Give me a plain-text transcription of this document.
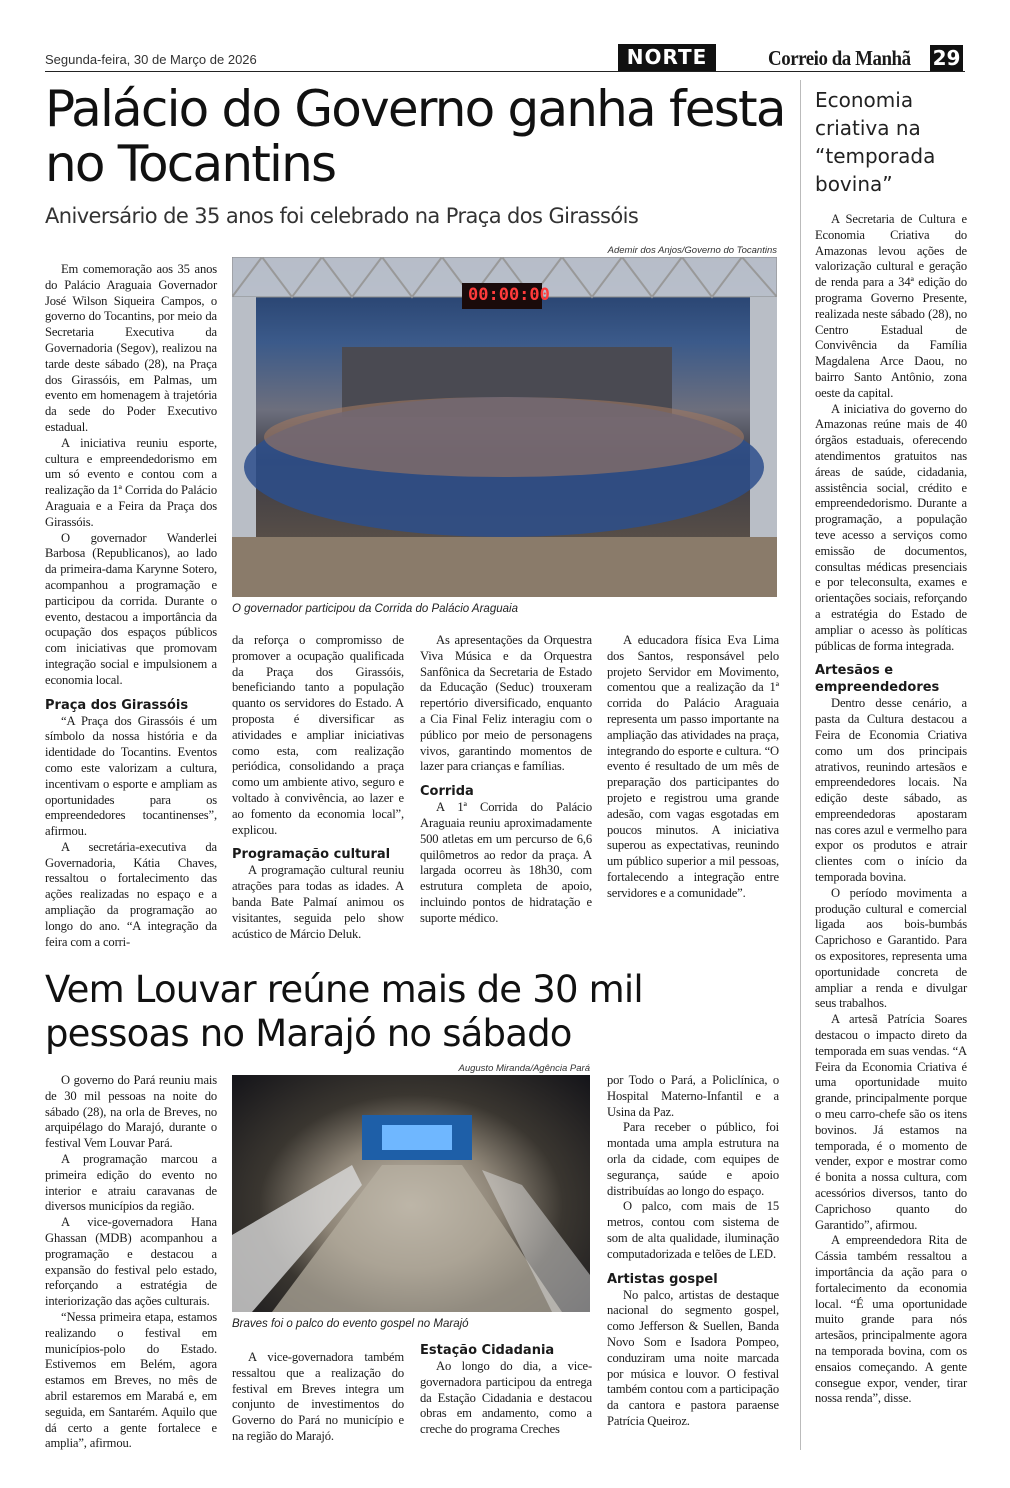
Segunda-feira, 30 de Março de 2026	NORTE	Correio da Manhã 29
Palácio do Governo ganha festa no Tocantins
Aniversário de 35 anos foi celebrado na Praça dos Girassóis
Ademir dos Anjos/Governo do Tocantins
00:00:00
O governador participou da Corrida do Palácio Araguaia

Em comemoração aos 35 anos do Palácio Araguaia Governador José Wilson Siqueira Campos, o governo do Tocantins, por meio da Secretaria Executiva da Governadoria (Segov), realizou na tarde deste sábado (28), na Praça dos Girassóis, em Palmas, um evento em homenagem à trajetória da sede do Poder Executivo estadual.

A iniciativa reuniu esporte, cultura e empreendedorismo em um só evento e contou com a realização da 1ª Corrida do Palácio Araguaia e a Feira da Praça dos Girassóis.

O governador Wanderlei Barbosa (Republicanos), ao lado da primeira-dama Karynne Sotero, acompanhou a programação e participou da corrida. Durante o evento, destacou a importância da ocupação dos espaços públicos com iniciativas que promovam integração social e impulsionem a economia local.

Praça dos Girassóis

“A Praça dos Girassóis é um símbolo da nossa história e da identidade do Tocantins. Eventos como este valorizam a cultura, incentivam o esporte e ampliam as oportunidades para os empreendedores tocantinenses”, afirmou.

A secretária-executiva da Governadoria, Kátia Chaves, ressaltou o fortalecimento das ações realizadas no espaço e a ampliação da programação ao longo do ano. “A integração da feira com a corri-

da reforça o compromisso de promover a ocupação qualificada da Praça dos Girassóis, beneficiando tanto a população quanto os servidores do Estado. A proposta é diversificar as atividades e ampliar iniciativas como esta, com realização periódica, consolidando a praça como um ambiente ativo, seguro e voltado à convivência, ao lazer e ao fomento da economia local”, explicou.

Programação cultural

A programação cultural reuniu atrações para todas as idades. A banda Bate Palmaí animou os visitantes, seguida pelo show acústico de Márcio Deluk.

As apresentações da Orquestra Viva Música e da Orquestra Sanfônica da Secretaria de Estado da Educação (Seduc) trouxeram repertório diversificado, enquanto a Cia Final Feliz interagiu com o público por meio de personagens vivos, garantindo momentos de lazer para crianças e famílias.

Corrida

A 1ª Corrida do Palácio Araguaia reuniu aproximadamente 500 atletas em um percurso de 6,6 quilômetros ao redor da praça. A largada ocorreu às 18h30, com estrutura completa de apoio, incluindo pontos de hidratação e suporte médico.

A educadora física Eva Lima dos Santos, responsável pelo projeto Servidor em Movimento, comentou que a realização da 1ª corrida do Palácio Araguaia representa um passo importante na ampliação das atividades na praça, integrando do esporte e cultura. “O evento é resultado de um mês de preparação dos participantes do projeto e registrou uma grande adesão, com vagas esgotadas em poucos minutos. A iniciativa superou as expectativas, reunindo um público superior a mil pessoas, fortalecendo a integração entre servidores e a comunidade”.

Economia criativa na “temporada bovina”

A Secretaria de Cultura e Economia Criativa do Amazonas levou ações de valorização cultural e geração de renda para a 34ª edição do programa Governo Presente, realizada neste sábado (28), no Centro Estadual de Convivência da Família Magdalena Arce Daou, no bairro Santo Antônio, zona oeste da capital.

A iniciativa do governo do Amazonas reúne mais de 40 órgãos estaduais, oferecendo atendimentos gratuitos nas áreas de saúde, cidadania, assistência social, crédito e empreendedorismo. Durante a programação, a população teve acesso a serviços como emissão de documentos, consultas médicas presenciais e por teleconsulta, exames e orientações sociais, reforçando a estratégia do Estado de ampliar o acesso às políticas públicas de forma integrada.

Artesãos e empreendedores

Dentro desse cenário, a pasta da Cultura destacou a Feira de Economia Criativa como um dos principais atrativos, reunindo artesãos e empreendedores locais. Na edição deste sábado, as empreendedoras apostaram nas cores azul e vermelho para expor os produtos e atrair clientes com o início da temporada bovina.

O período movimenta a produção cultural e comercial ligada aos bois-bumbás Caprichoso e Garantido. Para os expositores, representa uma oportunidade concreta de ampliar a renda e divulgar seus trabalhos.

A artesã Patrícia Soares destacou o impacto direto da temporada em suas vendas. “A Feira da Economia Criativa é uma oportunidade muito grande, principalmente porque o meu carro-chefe são os itens bovinos. Já estamos na temporada, é o momento de vender, expor e mostrar como é bonita a nossa cultura, com acessórios diversos, tanto do Caprichoso quanto do Garantido”, afirmou.

A empreendedora Rita de Cássia também ressaltou a importância da ação para o fortalecimento da economia local. “É uma oportunidade muito grande para nós artesãos, principalmente agora na temporada bovina, com os ensaios começando. A gente consegue expor, vender, tirar nossa renda”, disse.

Vem Louvar reúne mais de 30 mil pessoas no Marajó no sábado
Augusto Miranda/Agência Pará
Braves foi o palco do evento gospel no Marajó

O governo do Pará reuniu mais de 30 mil pessoas na noite do sábado (28), na orla de Breves, no arquipélago do Marajó, durante o festival Vem Louvar Pará.

A programação marcou a primeira edição do evento no interior e atraiu caravanas de diversos municípios da região.

A vice-governadora Hana Ghassan (MDB) acompanhou a programação e destacou a expansão do festival pelo estado, reforçando a estratégia de interiorização das ações culturais.

“Nessa primeira etapa, estamos realizando o festival em municípios-polo do Estado. Estivemos em Belém, agora estamos em Breves, no mês de abril estaremos em Marabá e, em seguida, em Santarém. Aquilo que dá certo a gente fortalece e amplia”, afirmou.

A vice-governadora também ressaltou que a realização do festival em Breves integra um conjunto de investimentos do Governo do Pará no município e na região do Marajó.

Estação Cidadania

Ao longo do dia, a vice-governadora participou da entrega da Estação Cidadania e destacou obras em andamento, como a creche do programa Creches

por Todo o Pará, a Policlínica, o Hospital Materno-Infantil e a Usina da Paz.

Para receber o público, foi montada uma ampla estrutura na orla da cidade, com equipes de segurança, saúde e apoio distribuídas ao longo do espaço.

O palco, com mais de 15 metros, contou com sistema de som de alta qualidade, iluminação computadorizada e telões de LED.

Artistas gospel

No palco, artistas de destaque nacional do segmento gospel, como Jefferson & Suellen, Banda Novo Som e Isadora Pompeo, conduziram uma noite marcada por música e louvor. O festival também contou com a participação da cantora e pastora paraense Patrícia Queiroz.
